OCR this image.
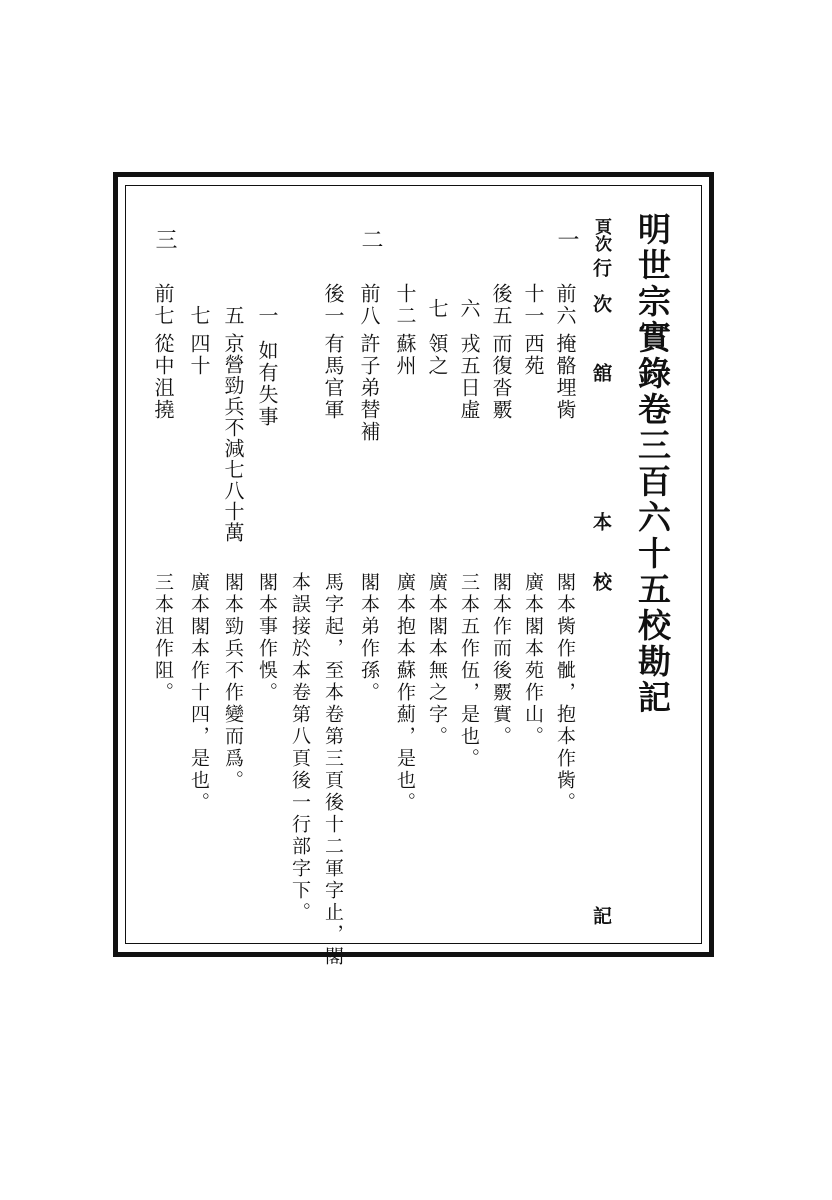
明世宗實錄卷三百六十五校勘記
頁次
行
次 舘
本
校
記
一
前六
掩骼埋胔
閣本胔作骴，抱本作胔。
十一
西苑
廣本閣本苑作山。
後五
而復沓覈
閣本作而後覈實。
六
戎五日虛
三本五作伍，是也。
七
領之
廣本閣本無之字。
十二
蘇州
廣本抱本蘇作薊，是也。
二
前八
許子弟替補
閣本弟作孫。
後一
有馬官軍
馬字起，至本卷第三頁後十二軍字止，閣
本誤接於本卷第八頁後一行部字下。
一
如有失事
閣本事作悞。
五
京營勁兵不減七八十萬
閣本勁兵不作變而爲。
七
四十
廣本閣本作十四，是也。
三
前七
從中沮撓
三本沮作阻。
